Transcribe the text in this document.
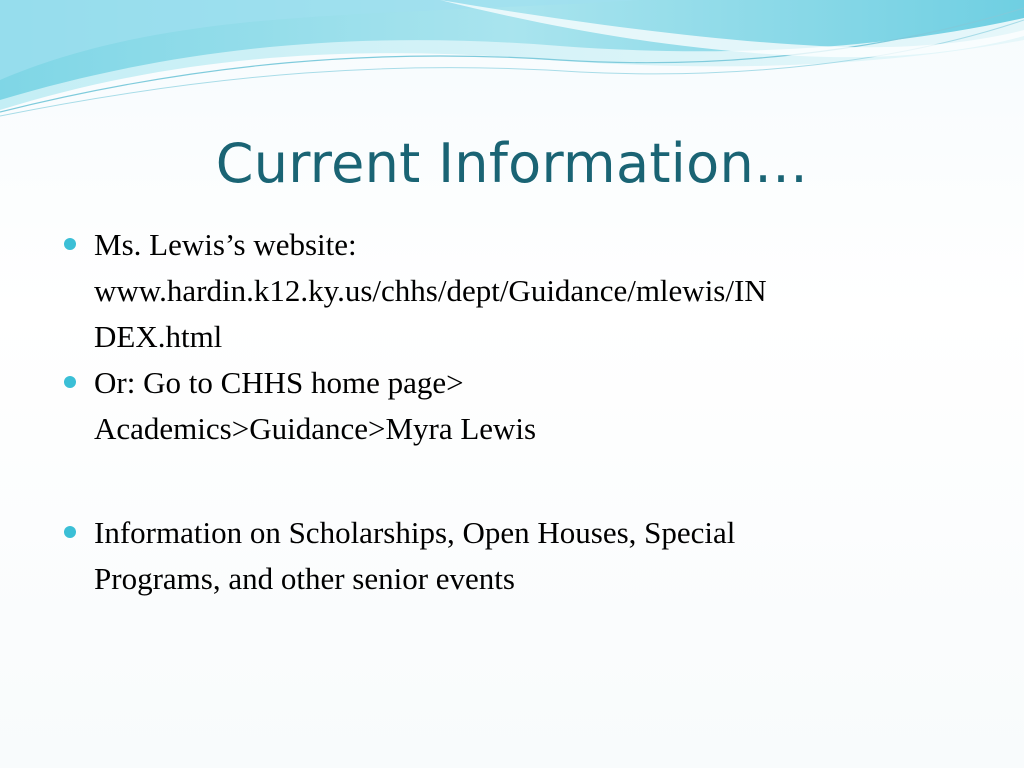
Current Information…
Ms. Lewis’s website:
www.hardin.k12.ky.us/chhs/dept/Guidance/mlewis/IN
DEX.html
Or: Go to CHHS home page>
Academics>Guidance>Myra Lewis
Information on Scholarships, Open Houses, Special
Programs, and other senior events
